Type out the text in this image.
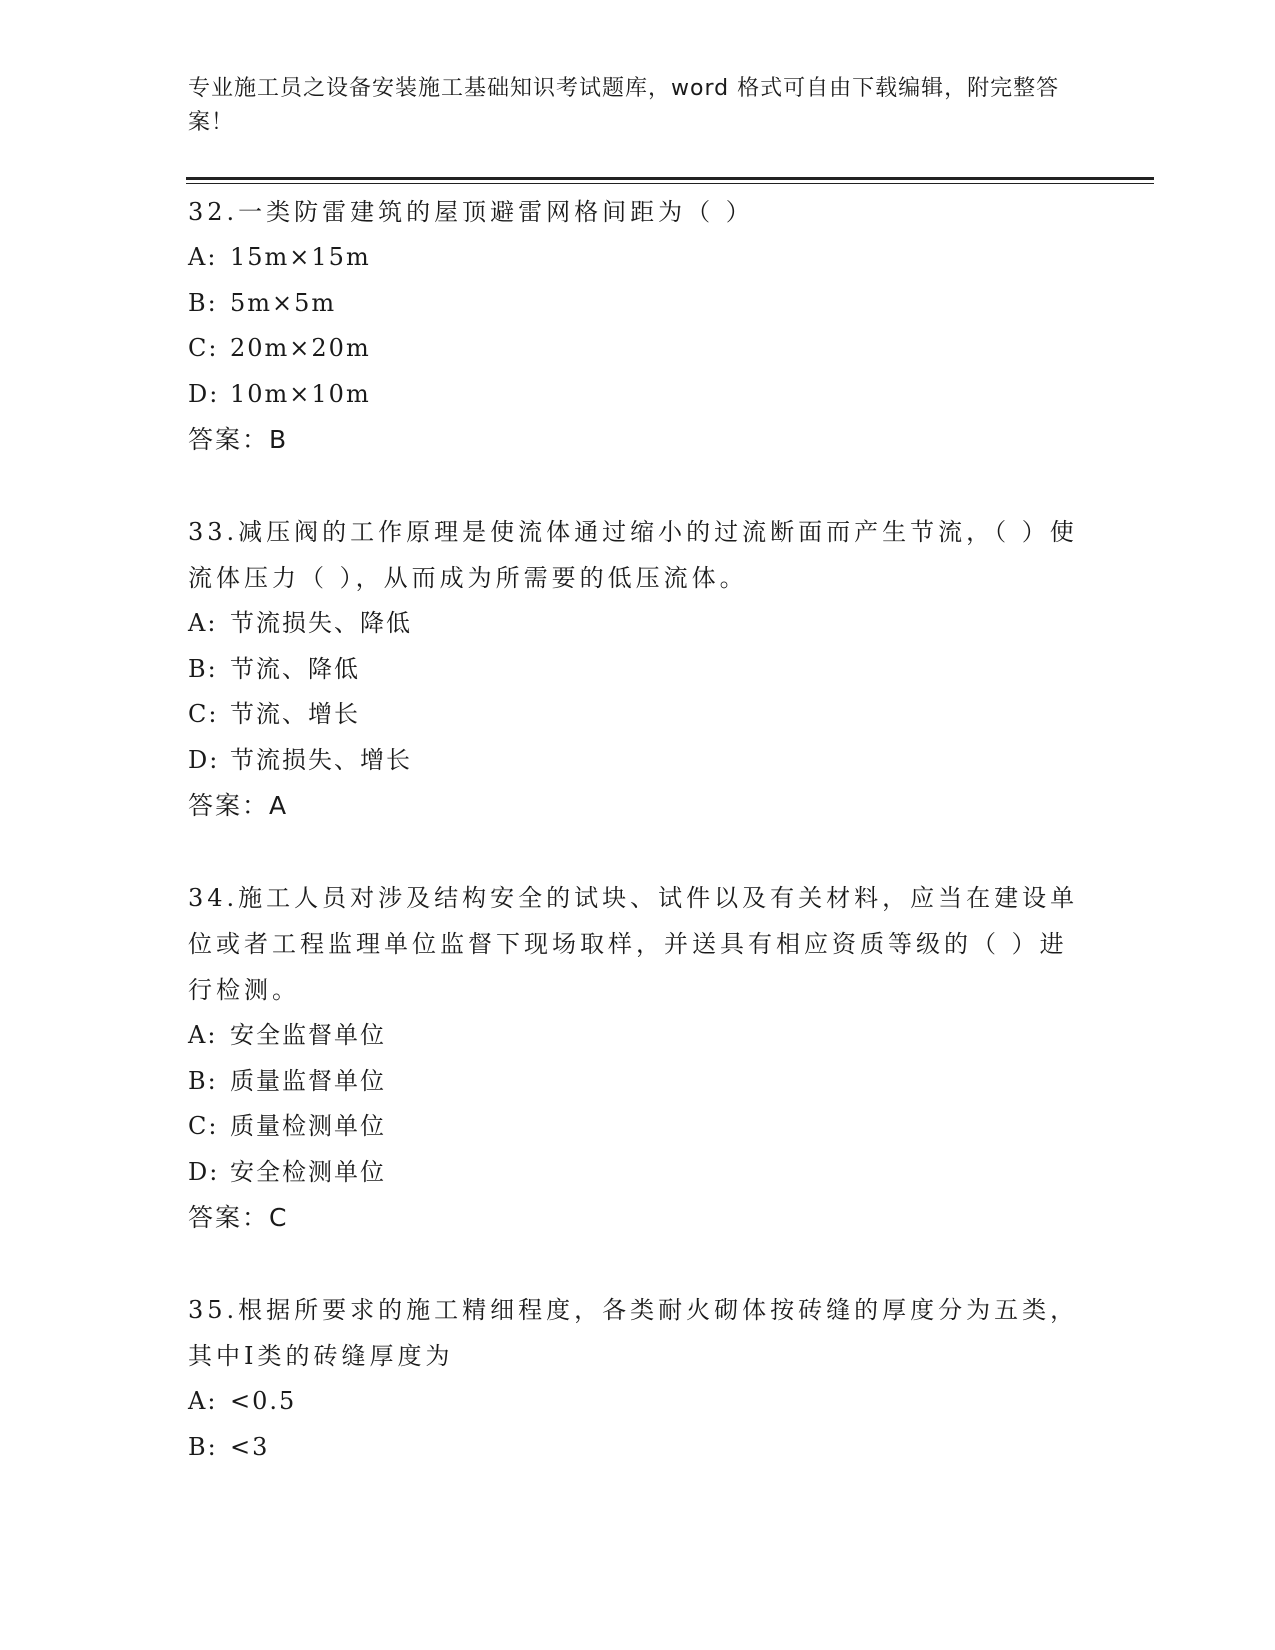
专业施工员之设备安装施工基础知识考试题库，word 格式可自由下载编辑，附完整答案！
32.一类防雷建筑的屋顶避雷网格间距为（ ）
A: 15m×15m
B: 5m×5m
C: 20m×20m
D: 10m×10m
答案：B
33.减压阀的工作原理是使流体通过缩小的过流断面而产生节流，（ ）使流体压力（ ），从而成为所需要的低压流体。
A: 节流损失、降低
B: 节流、降低
C: 节流、增长
D: 节流损失、增长
答案：A
34.施工人员对涉及结构安全的试块、试件以及有关材料，应当在建设单位或者工程监理单位监督下现场取样，并送具有相应资质等级的（ ）进行检测。
A: 安全监督单位
B: 质量监督单位
C: 质量检测单位
D: 安全检测单位
答案：C
35.根据所要求的施工精细程度，各类耐火砌体按砖缝的厚度分为五类，其中Ⅰ类的砖缝厚度为
A: <0.5
B: <3
